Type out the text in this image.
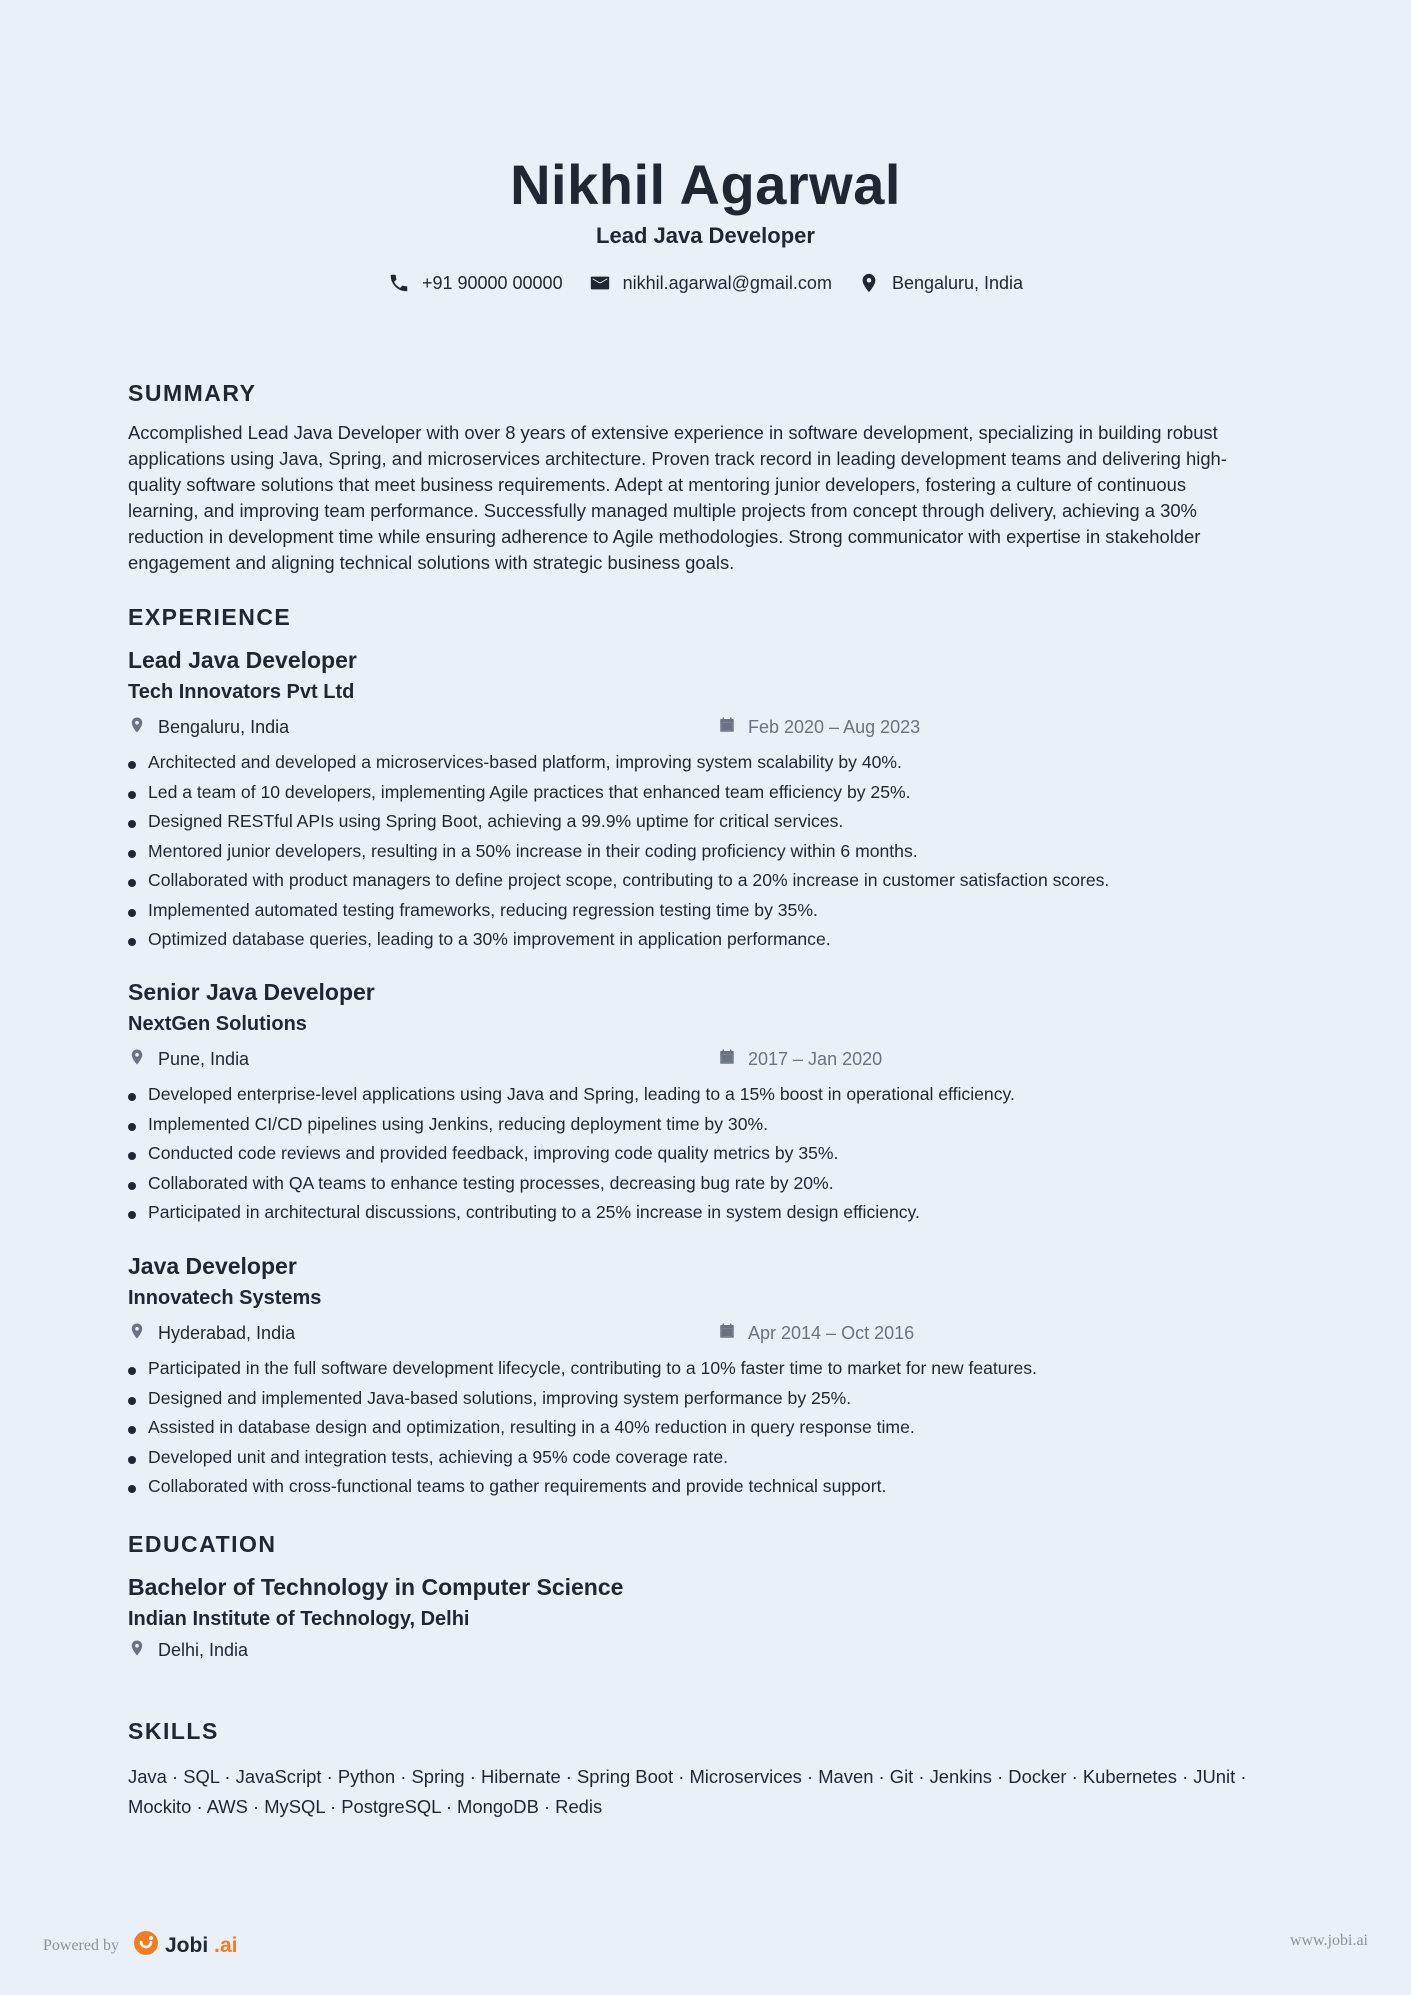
Nikhil Agarwal
Lead Java Developer
+91 90000 00000	nikhil.agarwal@gmail.com	Bengaluru, India
SUMMARY
Accomplished Lead Java Developer with over 8 years of extensive experience in software development, specializing in building robust applications using Java, Spring, and microservices architecture. Proven track record in leading development teams and delivering high-quality software solutions that meet business requirements. Adept at mentoring junior developers, fostering a culture of continuous learning, and improving team performance. Successfully managed multiple projects from concept through delivery, achieving a 30% reduction in development time while ensuring adherence to Agile methodologies. Strong communicator with expertise in stakeholder engagement and aligning technical solutions with strategic business goals.
EXPERIENCE
Lead Java Developer
Tech Innovators Pvt Ltd
Bengaluru, India	Feb 2020 – Aug 2023
Architected and developed a microservices-based platform, improving system scalability by 40%.
Led a team of 10 developers, implementing Agile practices that enhanced team efficiency by 25%.
Designed RESTful APIs using Spring Boot, achieving a 99.9% uptime for critical services.
Mentored junior developers, resulting in a 50% increase in their coding proficiency within 6 months.
Collaborated with product managers to define project scope, contributing to a 20% increase in customer satisfaction scores.
Implemented automated testing frameworks, reducing regression testing time by 35%.
Optimized database queries, leading to a 30% improvement in application performance.
Senior Java Developer
NextGen Solutions
Pune, India	2017 – Jan 2020
Developed enterprise-level applications using Java and Spring, leading to a 15% boost in operational efficiency.
Implemented CI/CD pipelines using Jenkins, reducing deployment time by 30%.
Conducted code reviews and provided feedback, improving code quality metrics by 35%.
Collaborated with QA teams to enhance testing processes, decreasing bug rate by 20%.
Participated in architectural discussions, contributing to a 25% increase in system design efficiency.
Java Developer
Innovatech Systems
Hyderabad, India	Apr 2014 – Oct 2016
Participated in the full software development lifecycle, contributing to a 10% faster time to market for new features.
Designed and implemented Java-based solutions, improving system performance by 25%.
Assisted in database design and optimization, resulting in a 40% reduction in query response time.
Developed unit and integration tests, achieving a 95% code coverage rate.
Collaborated with cross-functional teams to gather requirements and provide technical support.
EDUCATION
Bachelor of Technology in Computer Science
Indian Institute of Technology, Delhi
Delhi, India
SKILLS
Java · SQL · JavaScript · Python · Spring · Hibernate · Spring Boot · Microservices · Maven · Git · Jenkins · Docker · Kubernetes · JUnit · Mockito · AWS · MySQL · PostgreSQL · MongoDB · Redis
Powered by Jobi .ai	www.jobi.ai
